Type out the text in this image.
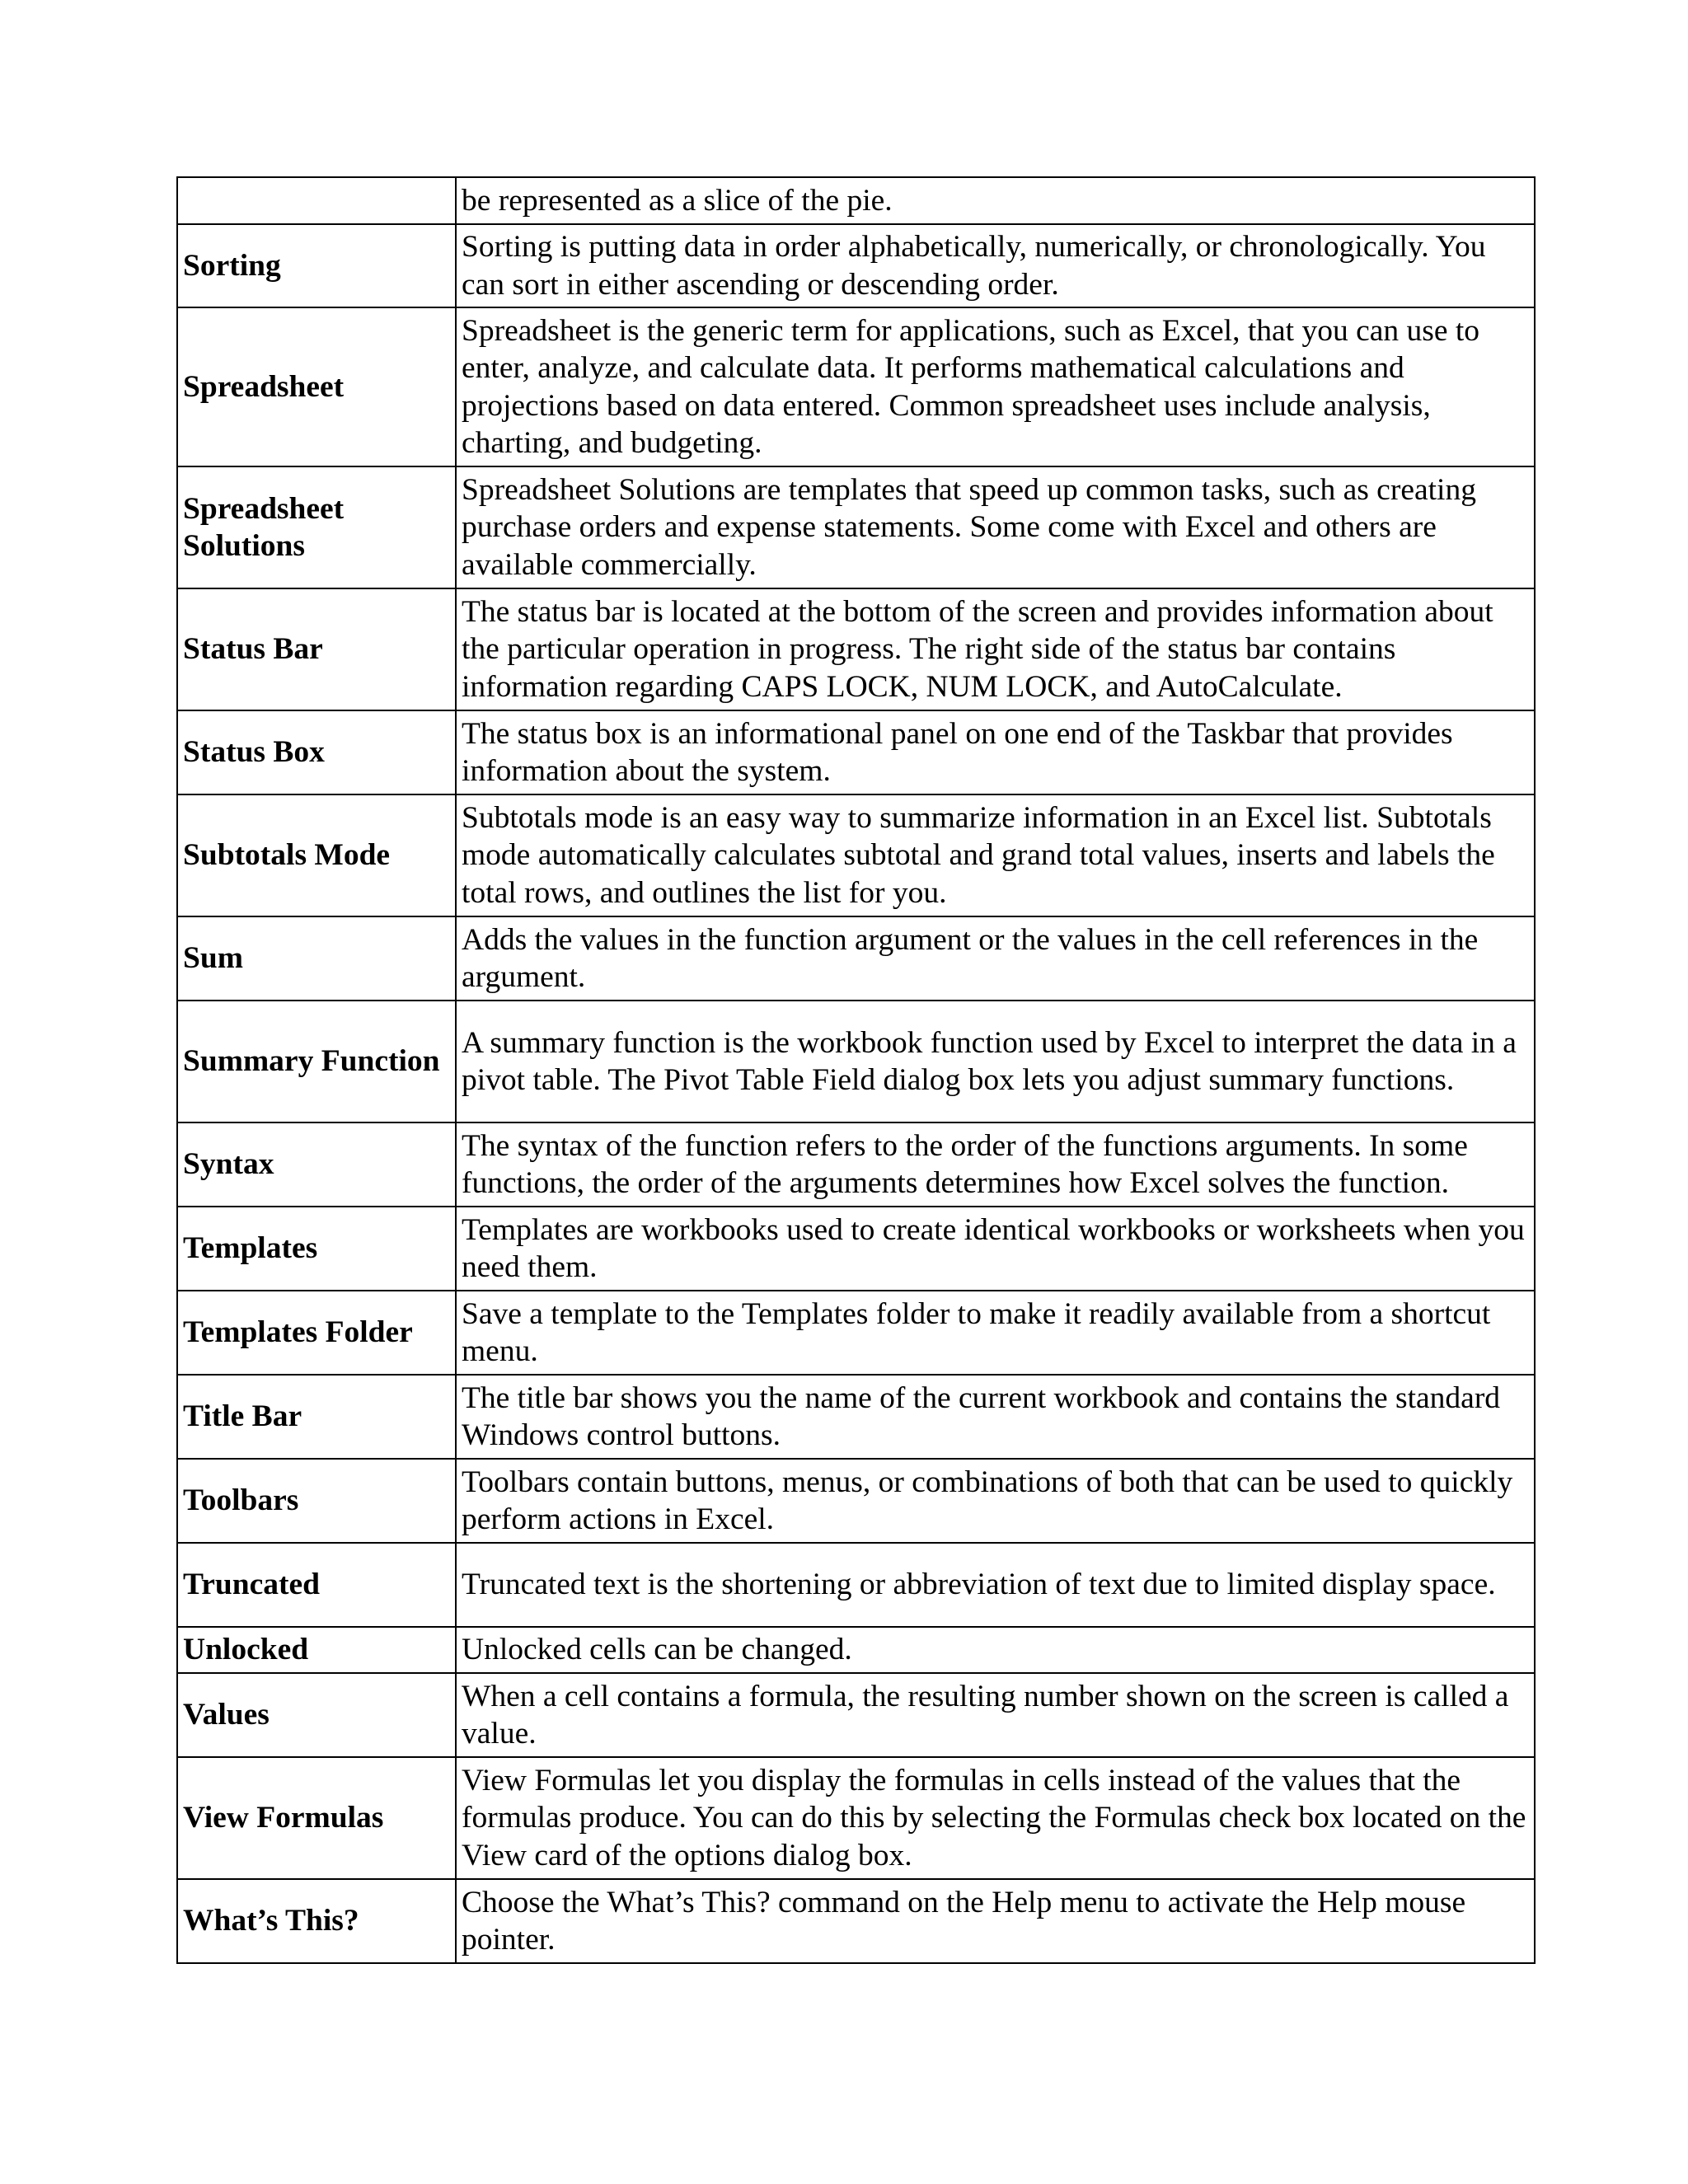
	be represented as a slice of the pie.
Sorting	Sorting is putting data in order alphabetically, numerically, or chronologically. You can sort in either ascending or descending order.
Spreadsheet	Spreadsheet is the generic term for applications, such as Excel, that you can use to enter, analyze, and calculate data. It performs mathematical calculations and projections based on data entered. Common spreadsheet uses include analysis, charting, and budgeting.
Spreadsheet Solutions	Spreadsheet Solutions are templates that speed up common tasks, such as creating purchase orders and expense statements. Some come with Excel and others are available commercially.
Status Bar	The status bar is located at the bottom of the screen and provides information about the particular operation in progress. The right side of the status bar contains information regarding CAPS LOCK, NUM LOCK, and AutoCalculate.
Status Box	The status box is an informational panel on one end of the Taskbar that provides information about the system.
Subtotals Mode	Subtotals mode is an easy way to summarize information in an Excel list. Subtotals mode automatically calculates subtotal and grand total values, inserts and labels the total rows, and outlines the list for you.
Sum	Adds the values in the function argument or the values in the cell references in the argument.
Summary Function	A summary function is the workbook function used by Excel to interpret the data in a pivot table. The Pivot Table Field dialog box lets you adjust summary functions.
Syntax	The syntax of the function refers to the order of the functions arguments. In some functions, the order of the arguments determines how Excel solves the function.
Templates	Templates are workbooks used to create identical workbooks or worksheets when you need them.
Templates Folder	Save a template to the Templates folder to make it readily available from a shortcut menu.
Title Bar	The title bar shows you the name of the current workbook and contains the standard Windows control buttons.
Toolbars	Toolbars contain buttons, menus, or combinations of both that can be used to quickly perform actions in Excel.
Truncated	Truncated text is the shortening or abbreviation of text due to limited display space.
Unlocked	Unlocked cells can be changed.
Values	When a cell contains a formula, the resulting number shown on the screen is called a value.
View Formulas	View Formulas let you display the formulas in cells instead of the values that the formulas produce. You can do this by selecting the Formulas check box located on the View card of the options dialog box.
What’s This?	Choose the What’s This? command on the Help menu to activate the Help mouse pointer.
